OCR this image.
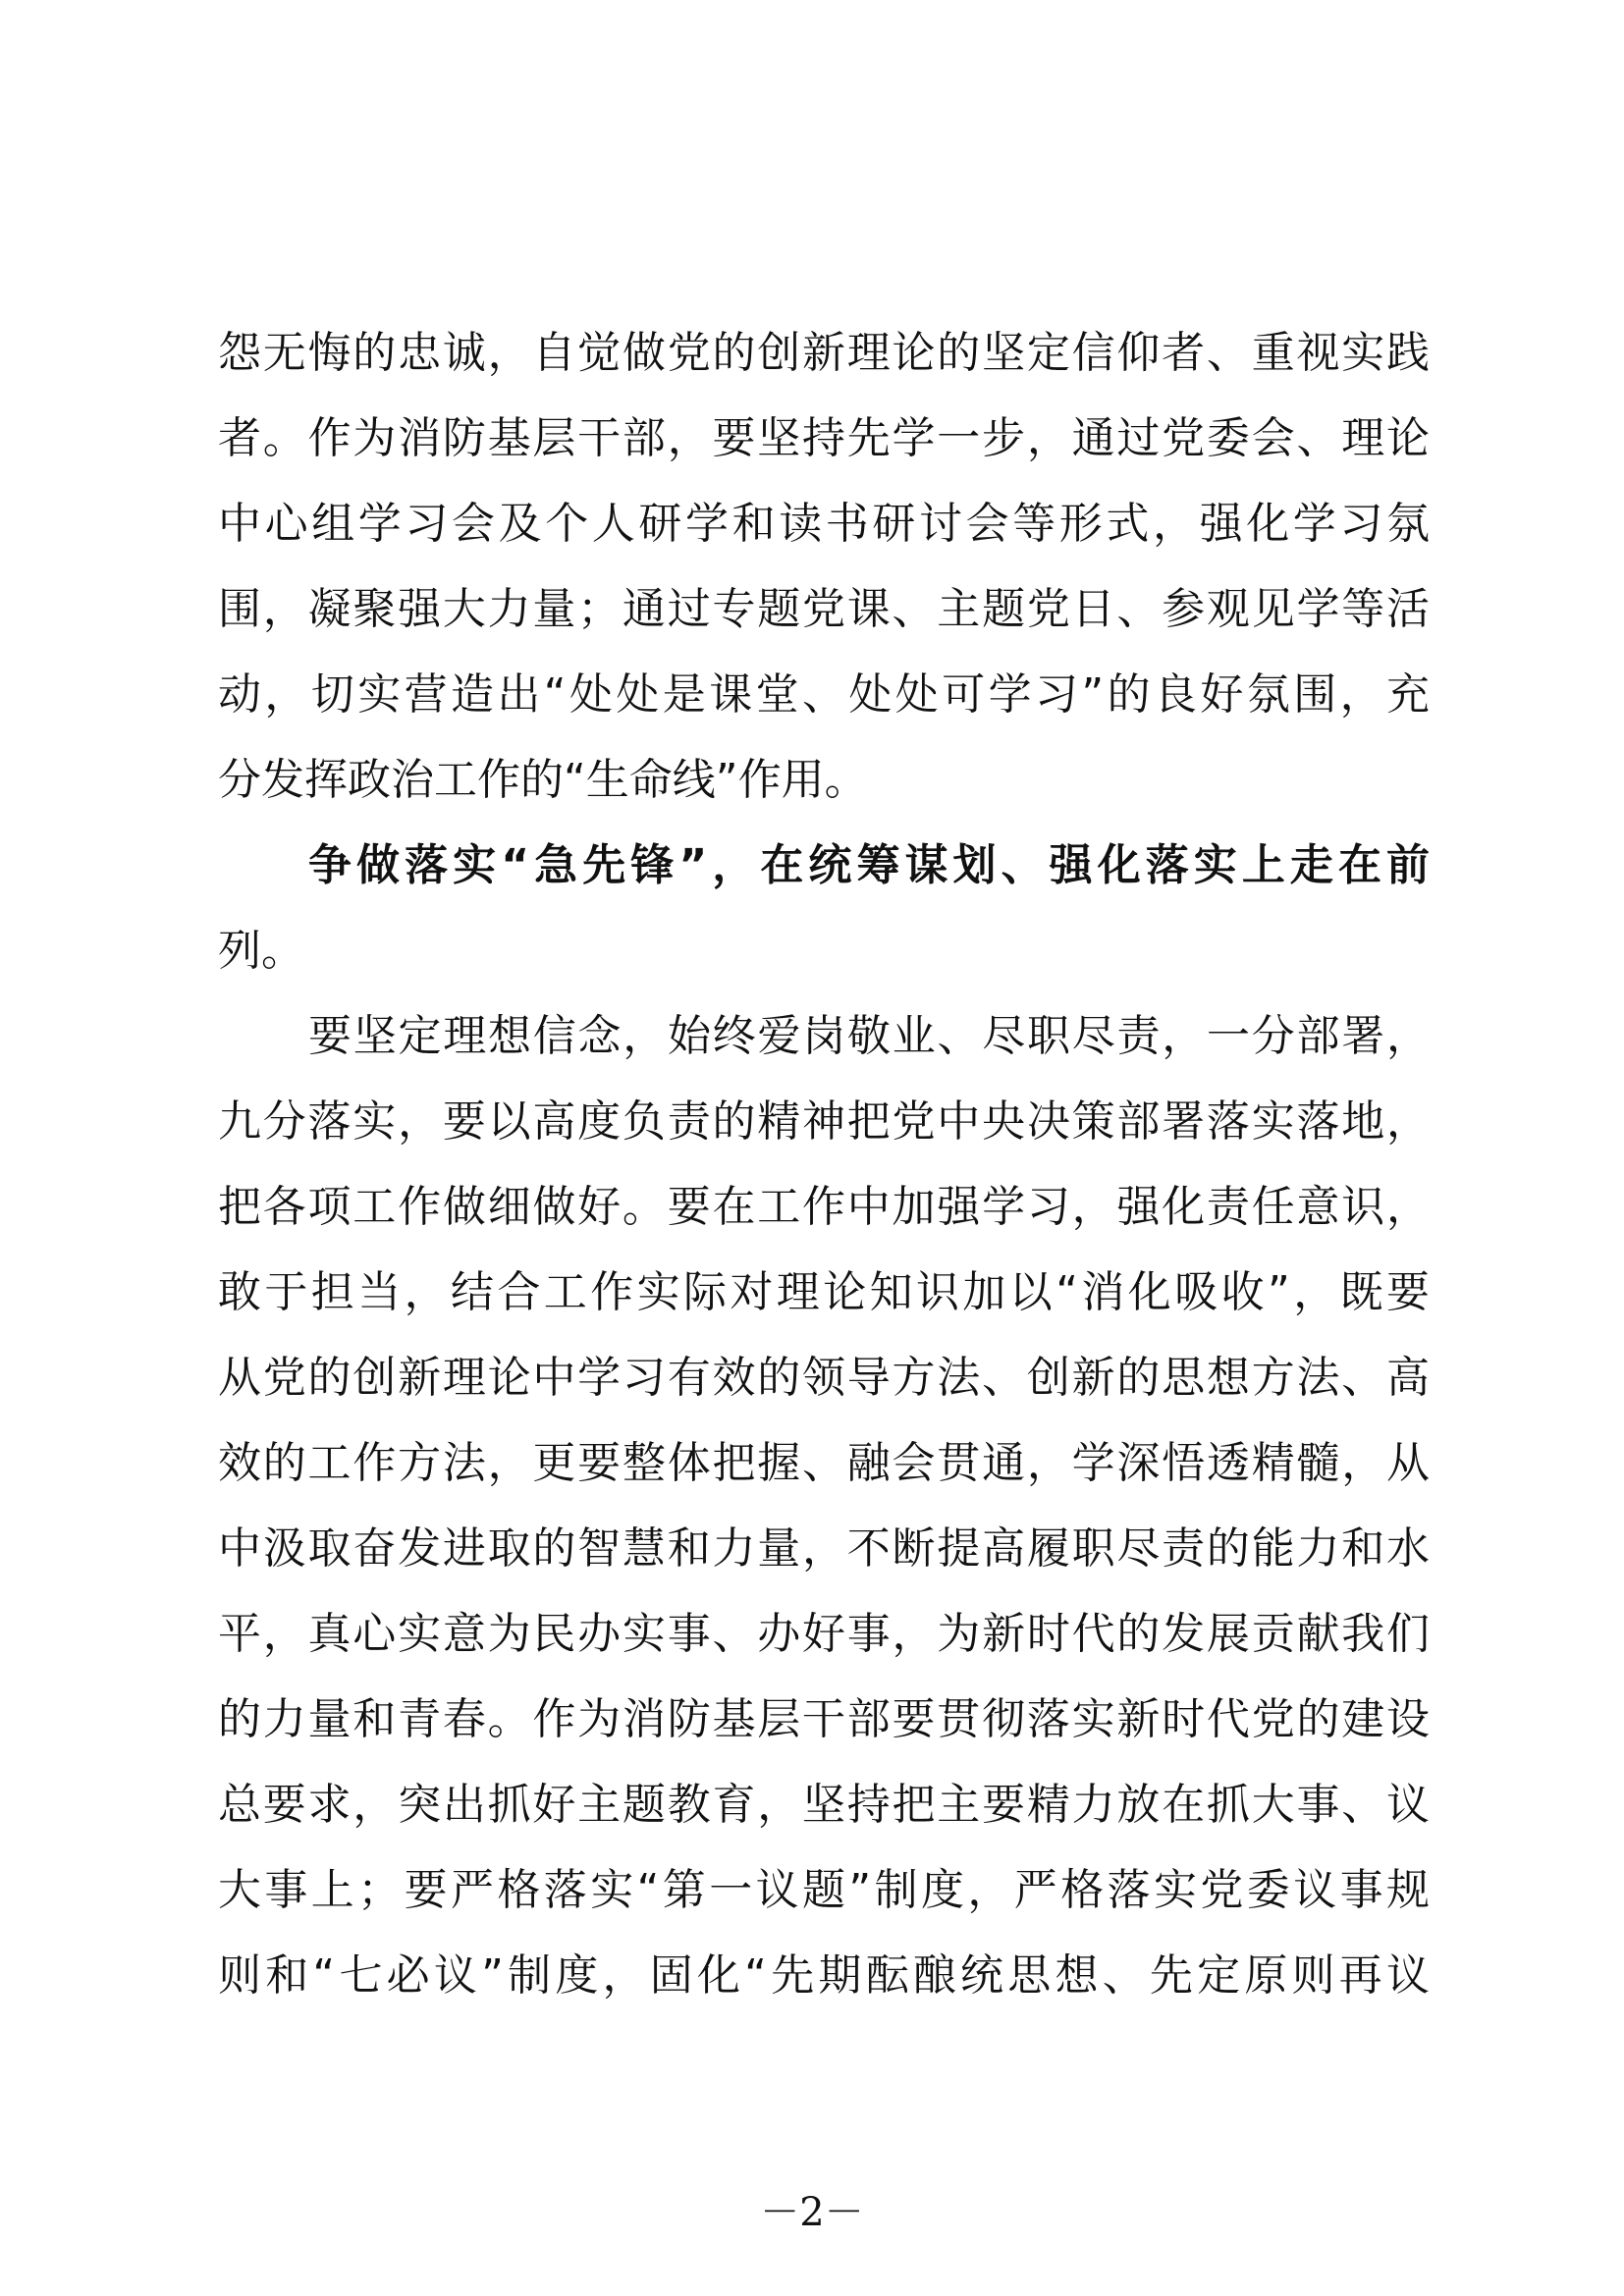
怨无悔的忠诚，自觉做党的创新理论的坚定信仰者、重视实践
者。作为消防基层干部，要坚持先学一步，通过党委会、理论
中心组学习会及个人研学和读书研讨会等形式，强化学习氛
围，凝聚强大力量；通过专题党课、主题党日、参观见学等活
动，切实营造出“处处是课堂、处处可学习”的良好氛围，充
分发挥政治工作的“生命线”作用。
争做落实“急先锋”，在统筹谋划、强化落实上走在前
列。
要坚定理想信念，始终爱岗敬业、尽职尽责，一分部署，
九分落实，要以高度负责的精神把党中央决策部署落实落地，
把各项工作做细做好。要在工作中加强学习，强化责任意识，
敢于担当，结合工作实际对理论知识加以“消化吸收”，既要
从党的创新理论中学习有效的领导方法、创新的思想方法、高
效的工作方法，更要整体把握、融会贯通，学深悟透精髓，从
中汲取奋发进取的智慧和力量，不断提高履职尽责的能力和水
平，真心实意为民办实事、办好事，为新时代的发展贡献我们
的力量和青春。作为消防基层干部要贯彻落实新时代党的建设
总要求，突出抓好主题教育，坚持把主要精力放在抓大事、议
大事上；要严格落实“第一议题”制度，严格落实党委议事规
则和“七必议”制度，固化“先期酝酿统思想、先定原则再议
－2－
